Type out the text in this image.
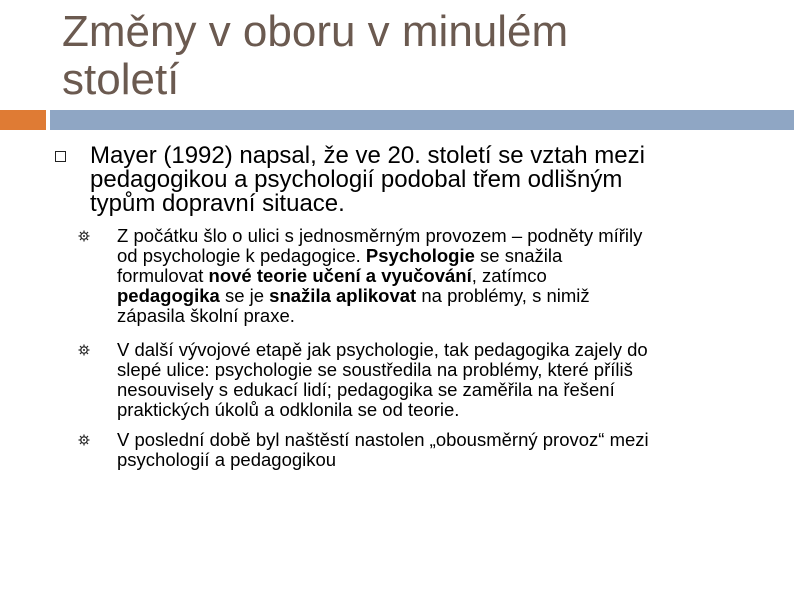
Změny v oboru v minulém
století
Mayer (1992) napsal, že ve 20. století se vztah mezi
pedagogikou a psychologií podobal třem odlišným
typům dopravní situace.
Z počátku šlo o ulici s jednosměrným provozem – podněty mířily
od psychologie k pedagogice. Psychologie se snažila
formulovat nové teorie učení a vyučování, zatímco
pedagogika se je snažila aplikovat na problémy, s nimiž
zápasila školní praxe.
V další vývojové etapě jak psychologie, tak pedagogika zajely do
slepé ulice: psychologie se soustředila na problémy, které příliš
nesouvisely s edukací lidí; pedagogika se zaměřila na řešení
praktických úkolů a odklonila se od teorie.
V poslední době byl naštěstí nastolen „obousměrný provoz“ mezi
psychologií a pedagogikou
